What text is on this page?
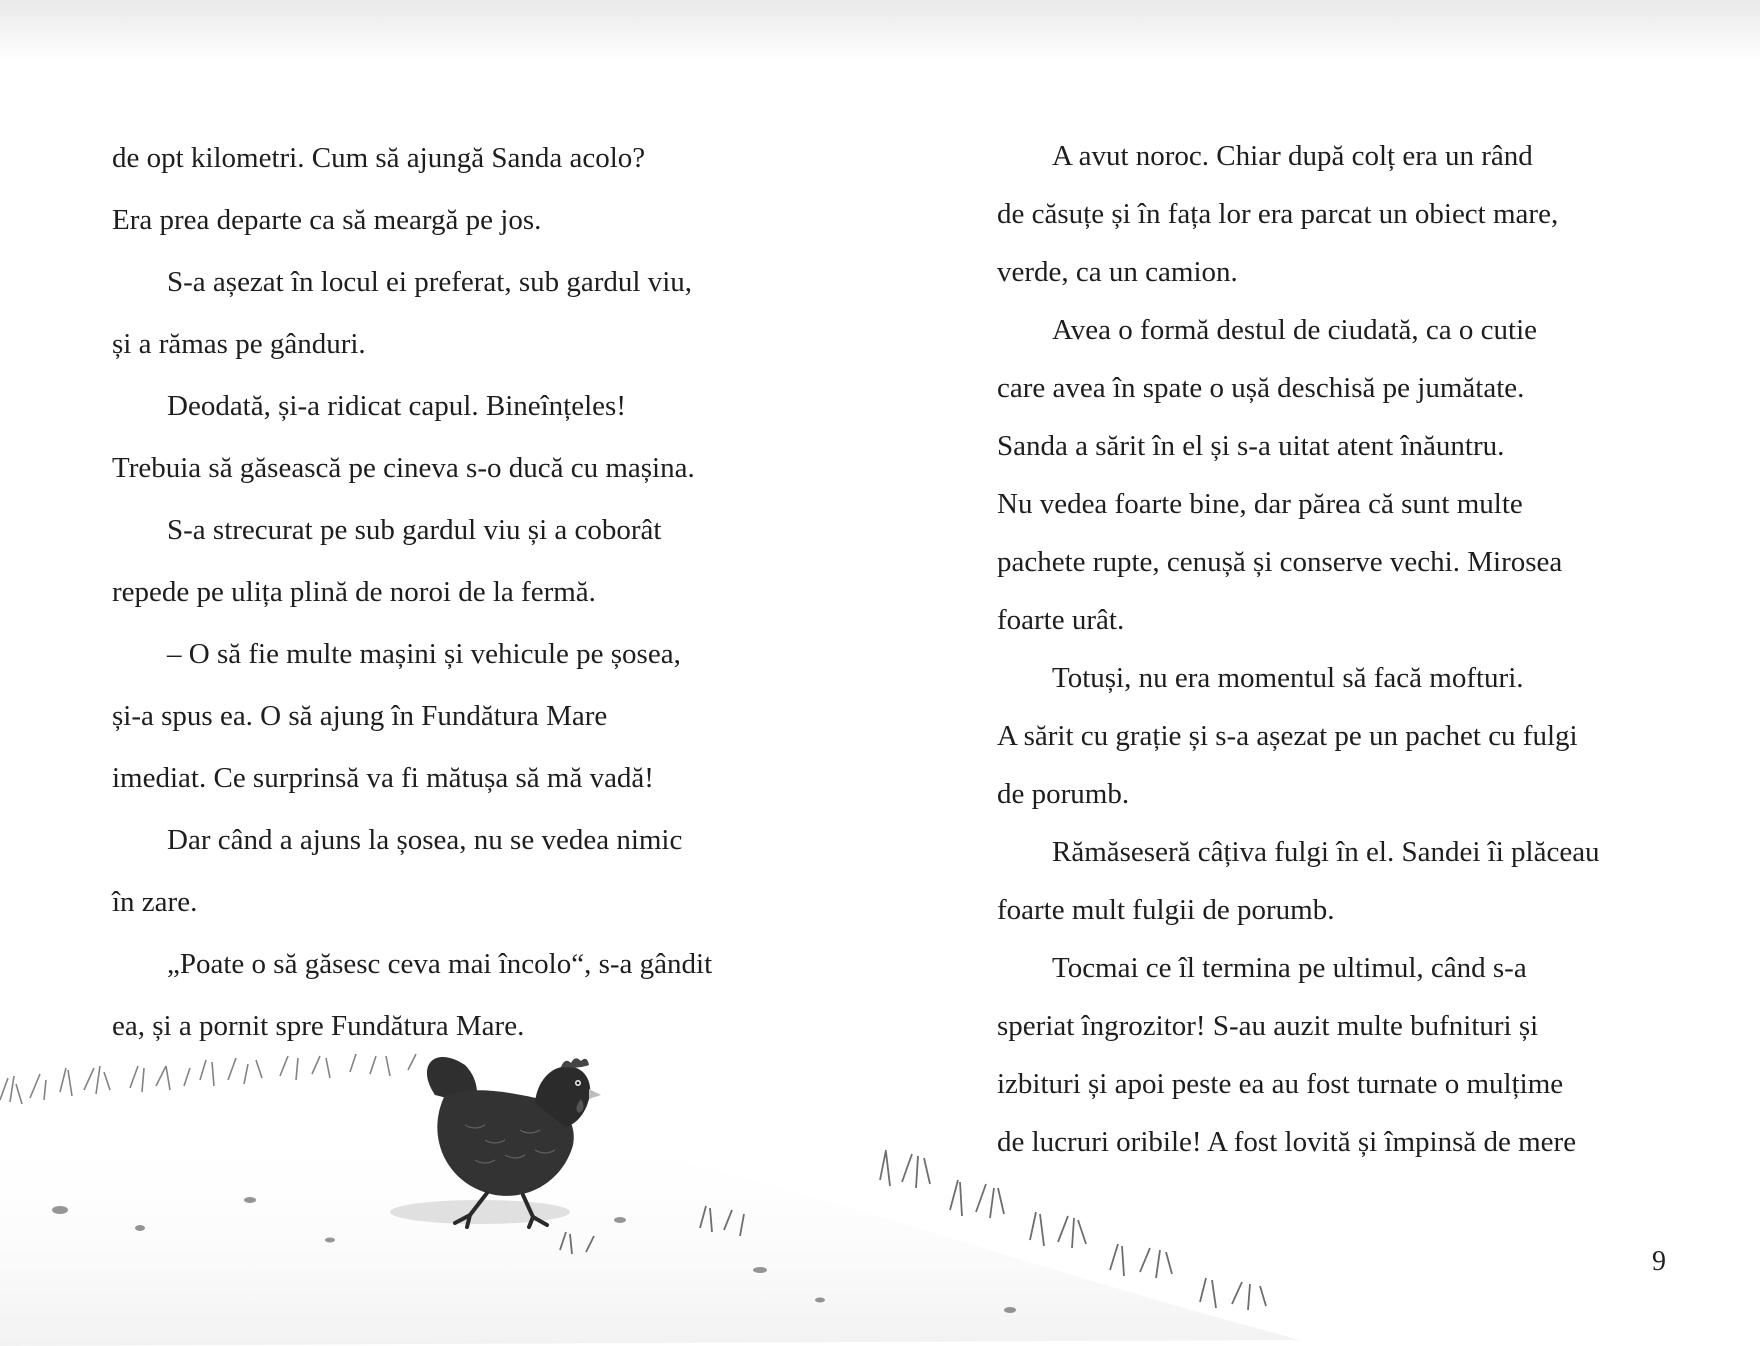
de opt kilometri. Cum să ajungă Sanda acolo?
Era prea departe ca să meargă pe jos.
S-a așezat în locul ei preferat, sub gardul viu,
și a rămas pe gânduri.
Deodată, și-a ridicat capul. Bineînțeles!
Trebuia să găsească pe cineva s-o ducă cu mașina.
S-a strecurat pe sub gardul viu și a coborât
repede pe ulița plină de noroi de la fermă.
– O să fie multe mașini și vehicule pe șosea,
și-a spus ea. O să ajung în Fundătura Mare
imediat. Ce surprinsă va fi mătușa să mă vadă!
Dar când a ajuns la șosea, nu se vedea nimic
în zare.
„Poate o să găsesc ceva mai încolo“, s-a gândit
ea, și a pornit spre Fundătura Mare.
A avut noroc. Chiar după colț era un rând
de căsuțe și în fața lor era parcat un obiect mare,
verde, ca un camion.
Avea o formă destul de ciudată, ca o cutie
care avea în spate o ușă deschisă pe jumătate.
Sanda a sărit în el și s-a uitat atent înăuntru.
Nu vedea foarte bine, dar părea că sunt multe
pachete rupte, cenușă și conserve vechi. Mirosea
foarte urât.
Totuși, nu era momentul să facă mofturi.
A sărit cu grație și s-a așezat pe un pachet cu fulgi
de porumb.
Rămăseseră câțiva fulgi în el. Sandei îi plăceau
foarte mult fulgii de porumb.
Tocmai ce îl termina pe ultimul, când s-a
speriat îngrozitor! S-au auzit multe bufnituri și
izbituri și apoi peste ea au fost turnate o mulțime
de lucruri oribile! A fost lovită și împinsă de mere
9
